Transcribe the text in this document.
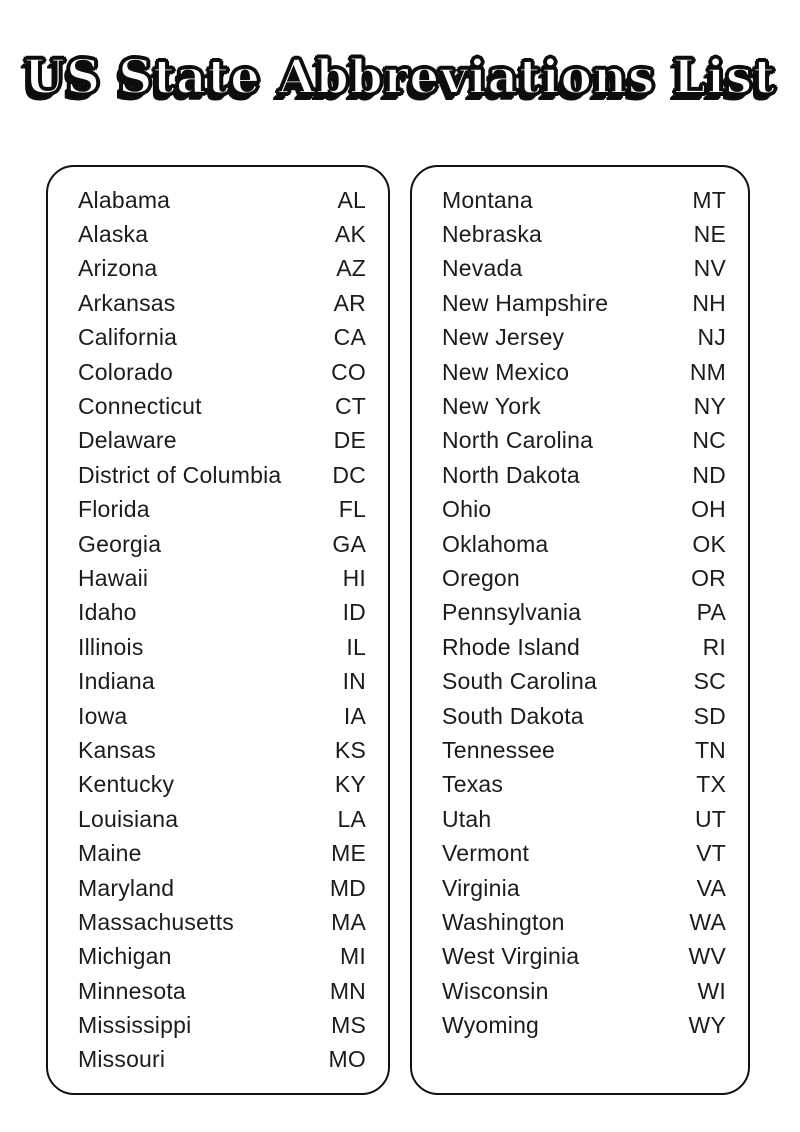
US State Abbreviations List
Alabama	AL
Alaska	AK
Arizona	AZ
Arkansas	AR
California	CA
Colorado	CO
Connecticut	CT
Delaware	DE
District of Columbia DC
Florida	FL
Georgia	GA
Hawaii	HI
Idaho	ID
Illinois	IL
Indiana	IN
Iowa	IA
Kansas	KS
Kentucky	KY
Louisiana	LA
Maine	ME
Maryland	MD
Massachusetts	MA
Michigan	MI
Minnesota	MN
Mississippi	MS
Missouri	MO
Montana	MT
Nebraska	NE
Nevada	NV
New Hampshire	NH
New Jersey	NJ
New Mexico	NM
New York	NY
North Carolina	NC
North Dakota	ND
Ohio	OH
Oklahoma	OK
Oregon	OR
Pennsylvania	PA
Rhode Island	RI
South Carolina	SC
South Dakota	SD
Tennessee	TN
Texas	TX
Utah	UT
Vermont	VT
Virginia	VA
Washington	WA
West Virginia	WV
Wisconsin	WI
Wyoming	WY
